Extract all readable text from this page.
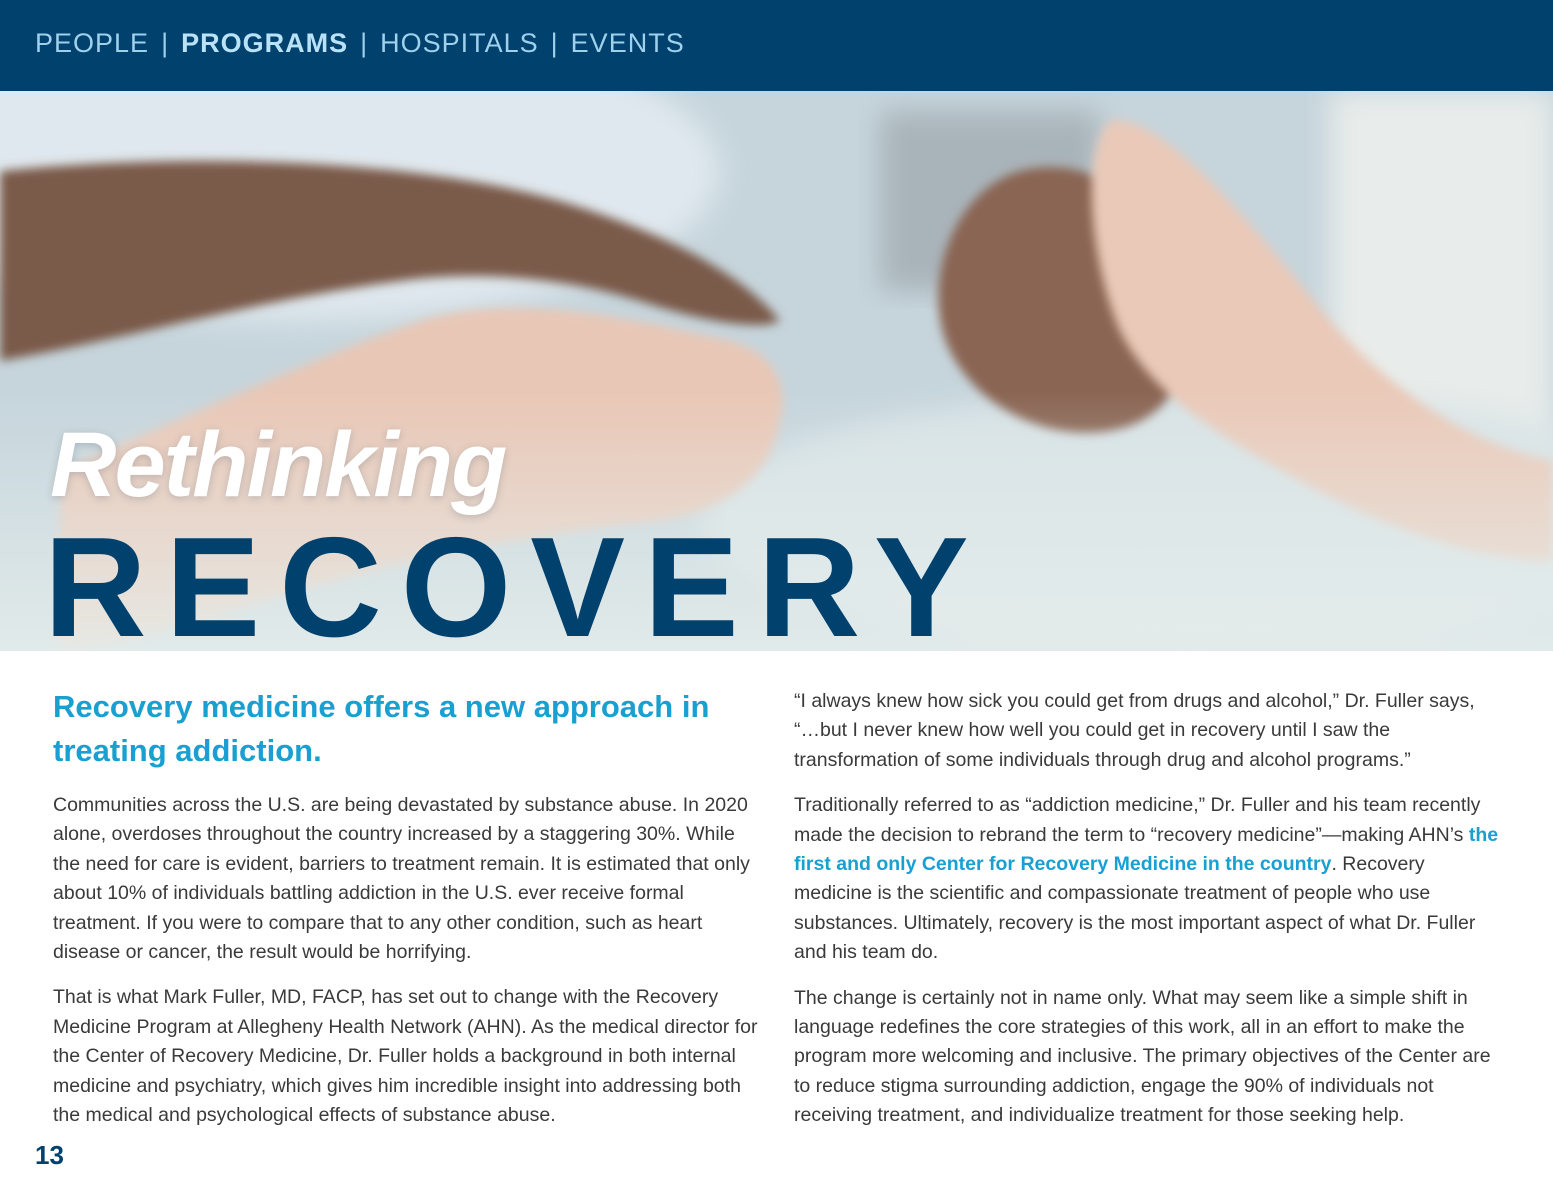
PEOPLE | PROGRAMS | HOSPITALS | EVENTS
Rethinking
RECOVERY
Recovery medicine offers a new approach in treating addiction.

Communities across the U.S. are being devastated by substance abuse. In 2020 alone, overdoses throughout the country increased by a staggering 30%. While the need for care is evident, barriers to treatment remain. It is estimated that only about 10% of individuals battling addiction in the U.S. ever receive formal treatment. If you were to compare that to any other condition, such as heart disease or cancer, the result would be horrifying.

That is what Mark Fuller, MD, FACP, has set out to change with the Recovery Medicine Program at Allegheny Health Network (AHN). As the medical director for the Center of Recovery Medicine, Dr. Fuller holds a background in both internal medicine and psychiatry, which gives him incredible insight into addressing both the medical and psychological effects of substance abuse.

“I always knew how sick you could get from drugs and alcohol,” Dr. Fuller says, “…but I never knew how well you could get in recovery until I saw the transformation of some individuals through drug and alcohol programs.”

Traditionally referred to as “addiction medicine,” Dr. Fuller and his team recently made the decision to rebrand the term to “recovery medicine”—making AHN’s the first and only Center for Recovery Medicine in the country. Recovery medicine is the scientific and compassionate treatment of people who use substances. Ultimately, recovery is the most important aspect of what Dr. Fuller and his team do.

The change is certainly not in name only. What may seem like a simple shift in language redefines the core strategies of this work, all in an effort to make the program more welcoming and inclusive. The primary objectives of the Center are to reduce stigma surrounding addiction, engage the 90% of individuals not receiving treatment, and individualize treatment for those seeking help.

13
